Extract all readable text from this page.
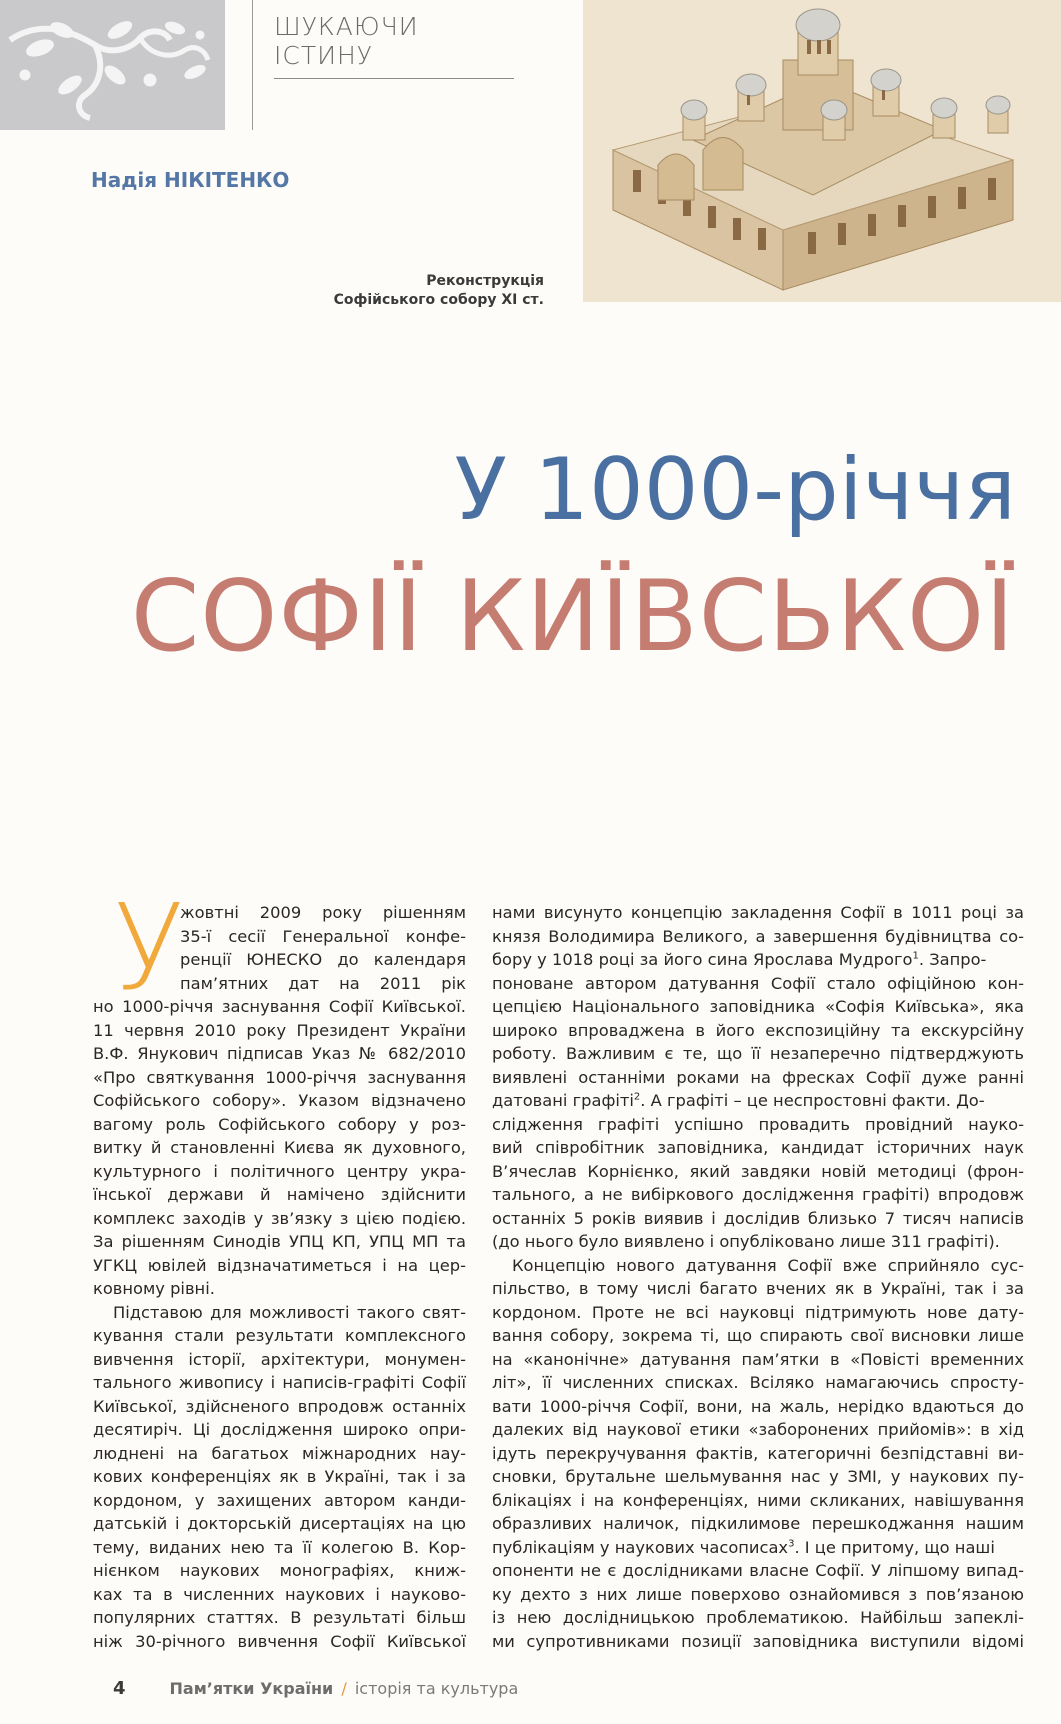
ШУКАЮЧИ ІСТИНУ
Надія НІКІТЕНКО
Реконструкція
Софійського собору XI ст.
У 1000-річчя
СОФІЇ КИЇВСЬКОЇ
У
жовтні 2009 року рішенням
35-ї сесії Генеральної конфе-
ренції ЮНЕСКО до календаря
пам’ятних дат на 2011 рік
но 1000-річчя заснування Софії Київської.
11 червня 2010 року Президент України
В.Ф. Янукович підписав Указ № 682/2010
«Про святкування 1000-річчя заснування
Софійського собору». Указом відзначено
вагому роль Софійського собору у роз-
витку й становленні Києва як духовного,
культурного і політичного центру укра-
їнської держави й намічено здійснити
комплекс заходів у зв’язку з цією подією.
За рішенням Синодів УПЦ КП, УПЦ МП та
УГКЦ ювілей відзначатиметься і на цер-
ковному рівні.
Підставою для можливості такого свят-
кування стали результати комплексного
вивчення історії, архітектури, монумен-
тального живопису і написів-графіті Софії
Київської, здійсненого впродовж останніх
десятиріч. Ці дослідження широко опри-
люднені на багатьох міжнародних нау-
кових конференціях як в Україні, так і за
кордоном, у захищених автором канди-
датській і докторській дисертаціях на цю
тему, виданих нею та її колегою В. Кор-
нієнком наукових монографіях, книж-
ках та в численних наукових і науково-
популярних статтях. В результаті більш
ніж 30-річного вивчення Софії Київської
нами висунуто концепцію закладення Софії в 1011 році за
князя Володимира Великого, а завершення будівництва со-
бору у 1018 році за його сина Ярослава Мудрого$^1$. Запро-
поноване автором датування Софії стало офіційною кон-
цепцією Національного заповідника «Софія Київська», яка
широко впроваджена в його експозиційну та екскурсійну
роботу. Важливим є те, що її незаперечно підтверджують
виявлені останніми роками на фресках Софії дуже ранні
датовані графіті$^2$. А графіті – це неспростовні факти. До-
слідження графіті успішно провадить провідний науко-
вий співробітник заповідника, кандидат історичних наук
В’ячеслав Корнієнко, який завдяки новій методиці (фрон-
тального, а не вибіркового дослідження графіті) впродовж
останніх 5 років виявив і дослідив близько 7 тисяч написів
(до нього було виявлено і опубліковано лише 311 графіті).
Концепцію нового датування Софії вже сприйняло сус-
пільство, в тому числі багато вчених як в Україні, так і за
кордоном. Проте не всі науковці підтримують нове дату-
вання собору, зокрема ті, що спирають свої висновки лише
на «канонічне» датування пам’ятки в «Повісті временних
літ», її численних списках. Всіляко намагаючись спросту-
вати 1000-річчя Софії, вони, на жаль, нерідко вдаються до
далеких від наукової етики «заборонених прийомів»: в хід
ідуть перекручування фактів, категоричні безпідставні ви-
сновки, брутальне шельмування нас у ЗМІ, у наукових пу-
блікаціях і на конференціях, ними скликаних, навішування
образливих наличок, підкилимове перешкоджання нашим
публікаціям у наукових часописах$^3$. І це притому, що наші
опоненти не є дослідниками власне Софії. У ліпшому випад-
ку дехто з них лише поверхово ознайомився з пов’язаною
із нею дослідницькою проблематикою. Найбільш запеклі-
ми супротивниками позиції заповідника виступили відомі
4	Пам’ятки України / історія та культура
